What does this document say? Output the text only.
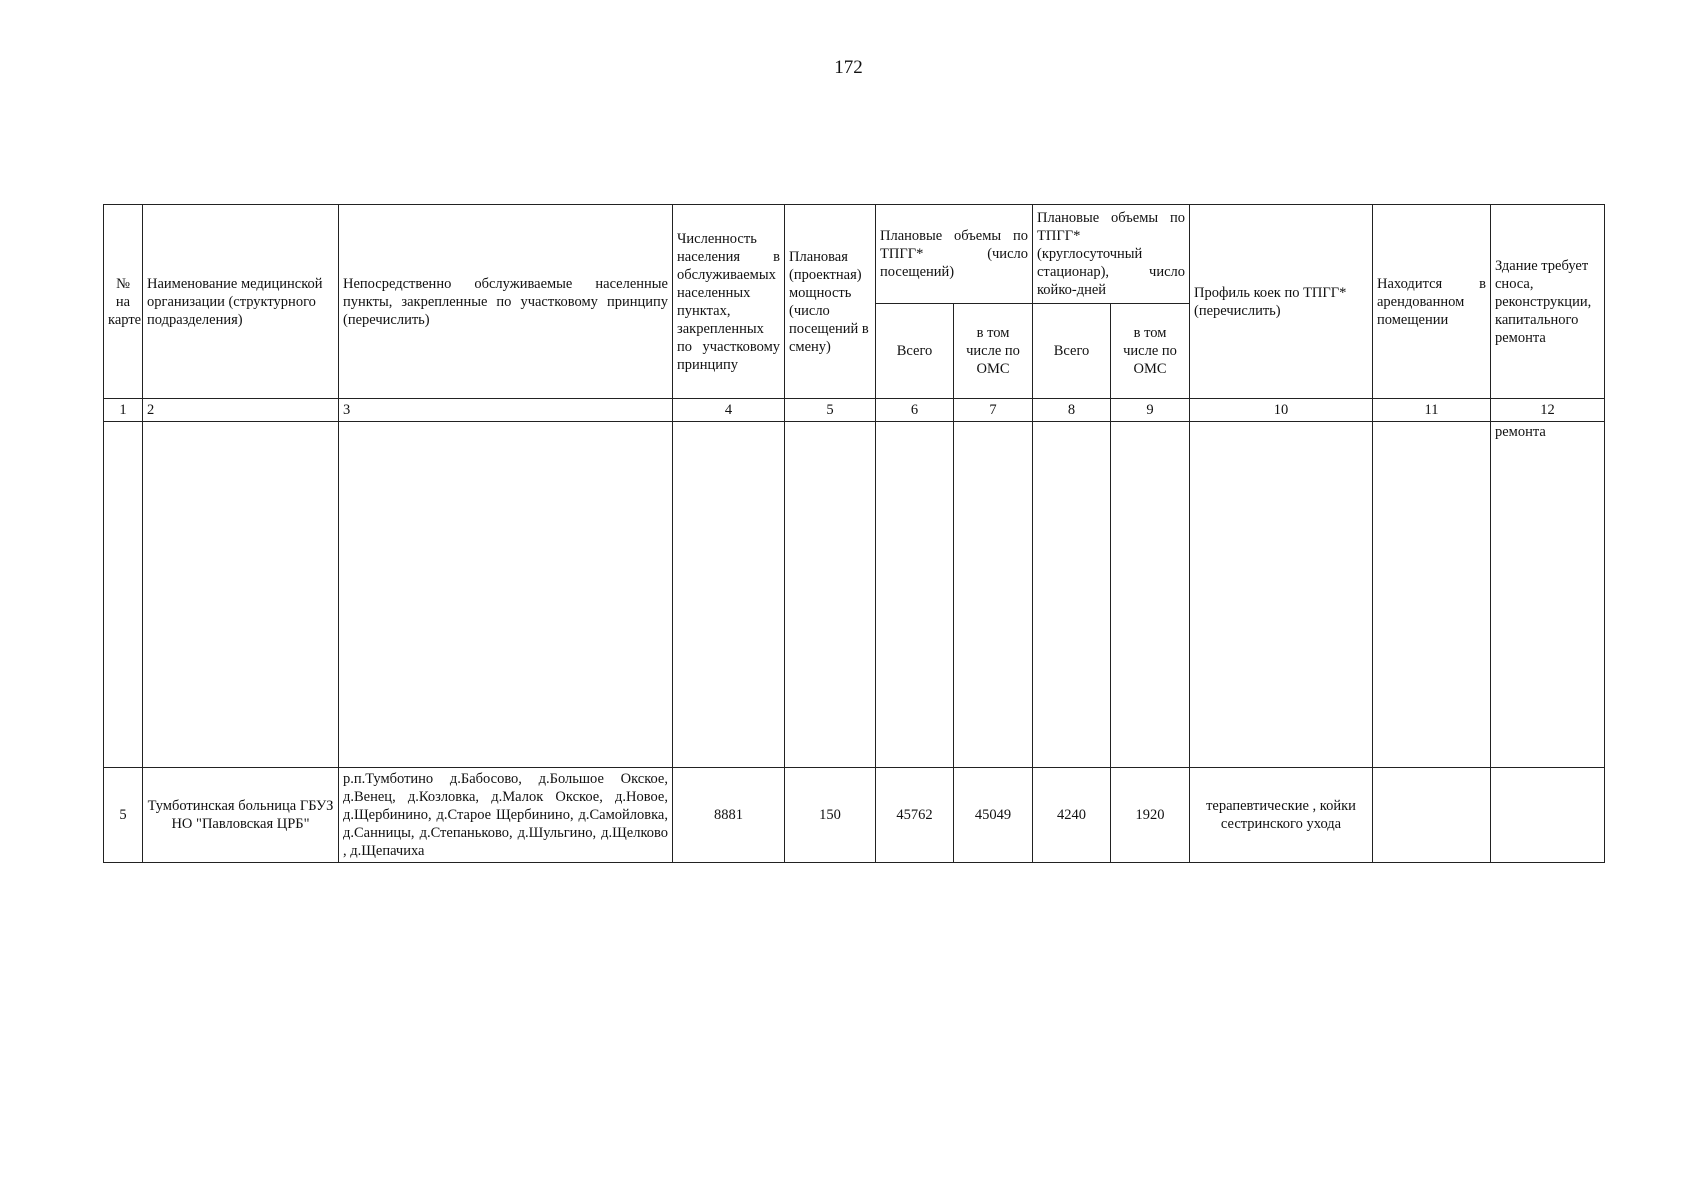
172
№ на карте	Наименование медицинской организации (структурного подразделения)	Непосредственно обслуживаемые населенные пункты, закрепленные по участковому принципу (перечислить)	Численность населения в обслуживаемых населенных пунктах, закрепленных по участковому принципу	Плановая (проектная) мощность (число посещений в смену)	Плановые объемы по ТПГГ* (число посещений)		Плановые объемы по ТПГГ* (круглосуточный стационар), число койко-дней		Профиль коек по ТПГГ* (перечислить)	Находится в арендованном помещении	Здание требует сноса, реконструкции, капитального ремонта
					Всего	в том числе по ОМС	Всего	в том числе по ОМС			
1	2	3	4	5	6	7	8	9	10	11	12
											ремонта
5	Тумботинская больница ГБУЗ НО "Павловская ЦРБ"	р.п.Тумботино д.Бабосово, д.Большое Окское, д.Венец, д.Козловка, д.Малок Окское, д.Новое, д.Щербинино, д.Старое Щербинино, д.Самойловка, д.Санницы, д.Степаньково, д.Шульгино, д.Щелково , д.Щепачиха	8881	150	45762	45049	4240	1920	терапевтические , койки сестринского ухода		
